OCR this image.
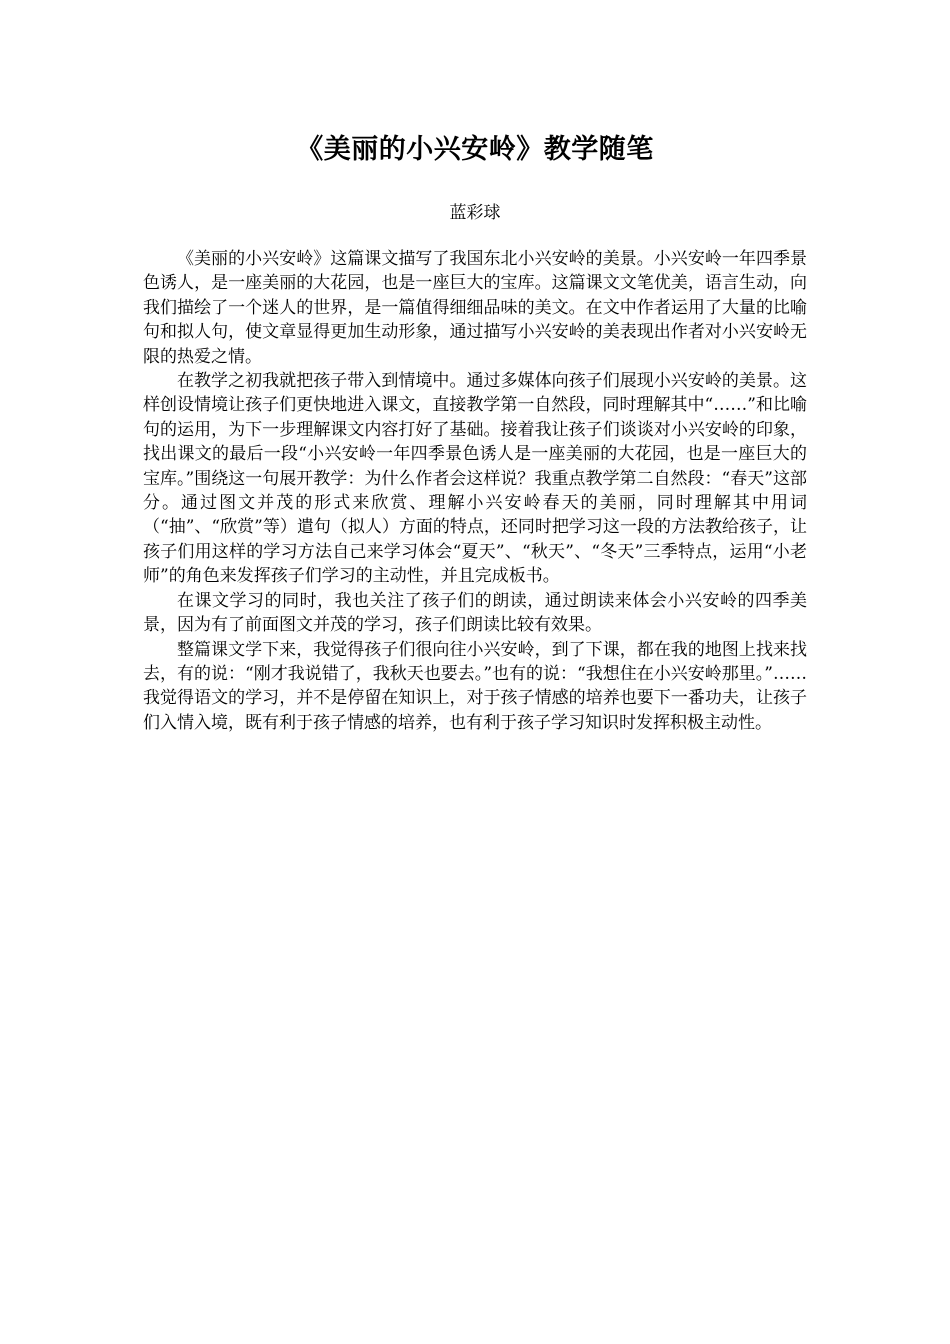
《美丽的小兴安岭》教学随笔
蓝彩球

《美丽的小兴安岭》这篇课文描写了我国东北小兴安岭的美景。小兴安岭一年四季景色诱人，是一座美丽的大花园，也是一座巨大的宝库。这篇课文文笔优美，语言生动，向我们描绘了一个迷人的世界，是一篇值得细细品味的美文。在文中作者运用了大量的比喻句和拟人句，使文章显得更加生动形象，通过描写小兴安岭的美表现出作者对小兴安岭无限的热爱之情。

在教学之初我就把孩子带入到情境中。通过多媒体向孩子们展现小兴安岭的美景。这样创设情境让孩子们更快地进入课文，直接教学第一自然段，同时理解其中“……”和比喻句的运用，为下一步理解课文内容打好了基础。接着我让孩子们谈谈对小兴安岭的印象，找出课文的最后一段“小兴安岭一年四季景色诱人是一座美丽的大花园，也是一座巨大的宝库。”围绕这一句展开教学：为什么作者会这样说？我重点教学第二自然段：“春天”这部分。通过图文并茂的形式来欣赏、理解小兴安岭春天的美丽，同时理解其中用词（“抽”、“欣赏”等）遣句（拟人）方面的特点，还同时把学习这一段的方法教给孩子，让孩子们用这样的学习方法自己来学习体会“夏天”、“秋天”、“冬天”三季特点，运用“小老师”的角色来发挥孩子们学习的主动性，并且完成板书。

在课文学习的同时，我也关注了孩子们的朗读，通过朗读来体会小兴安岭的四季美景，因为有了前面图文并茂的学习，孩子们朗读比较有效果。

整篇课文学下来，我觉得孩子们很向往小兴安岭，到了下课，都在我的地图上找来找去，有的说：“刚才我说错了，我秋天也要去。”也有的说：“我想住在小兴安岭那里。”……我觉得语文的学习，并不是停留在知识上，对于孩子情感的培养也要下一番功夫，让孩子们入情入境，既有利于孩子情感的培养，也有利于孩子学习知识时发挥积极主动性。
